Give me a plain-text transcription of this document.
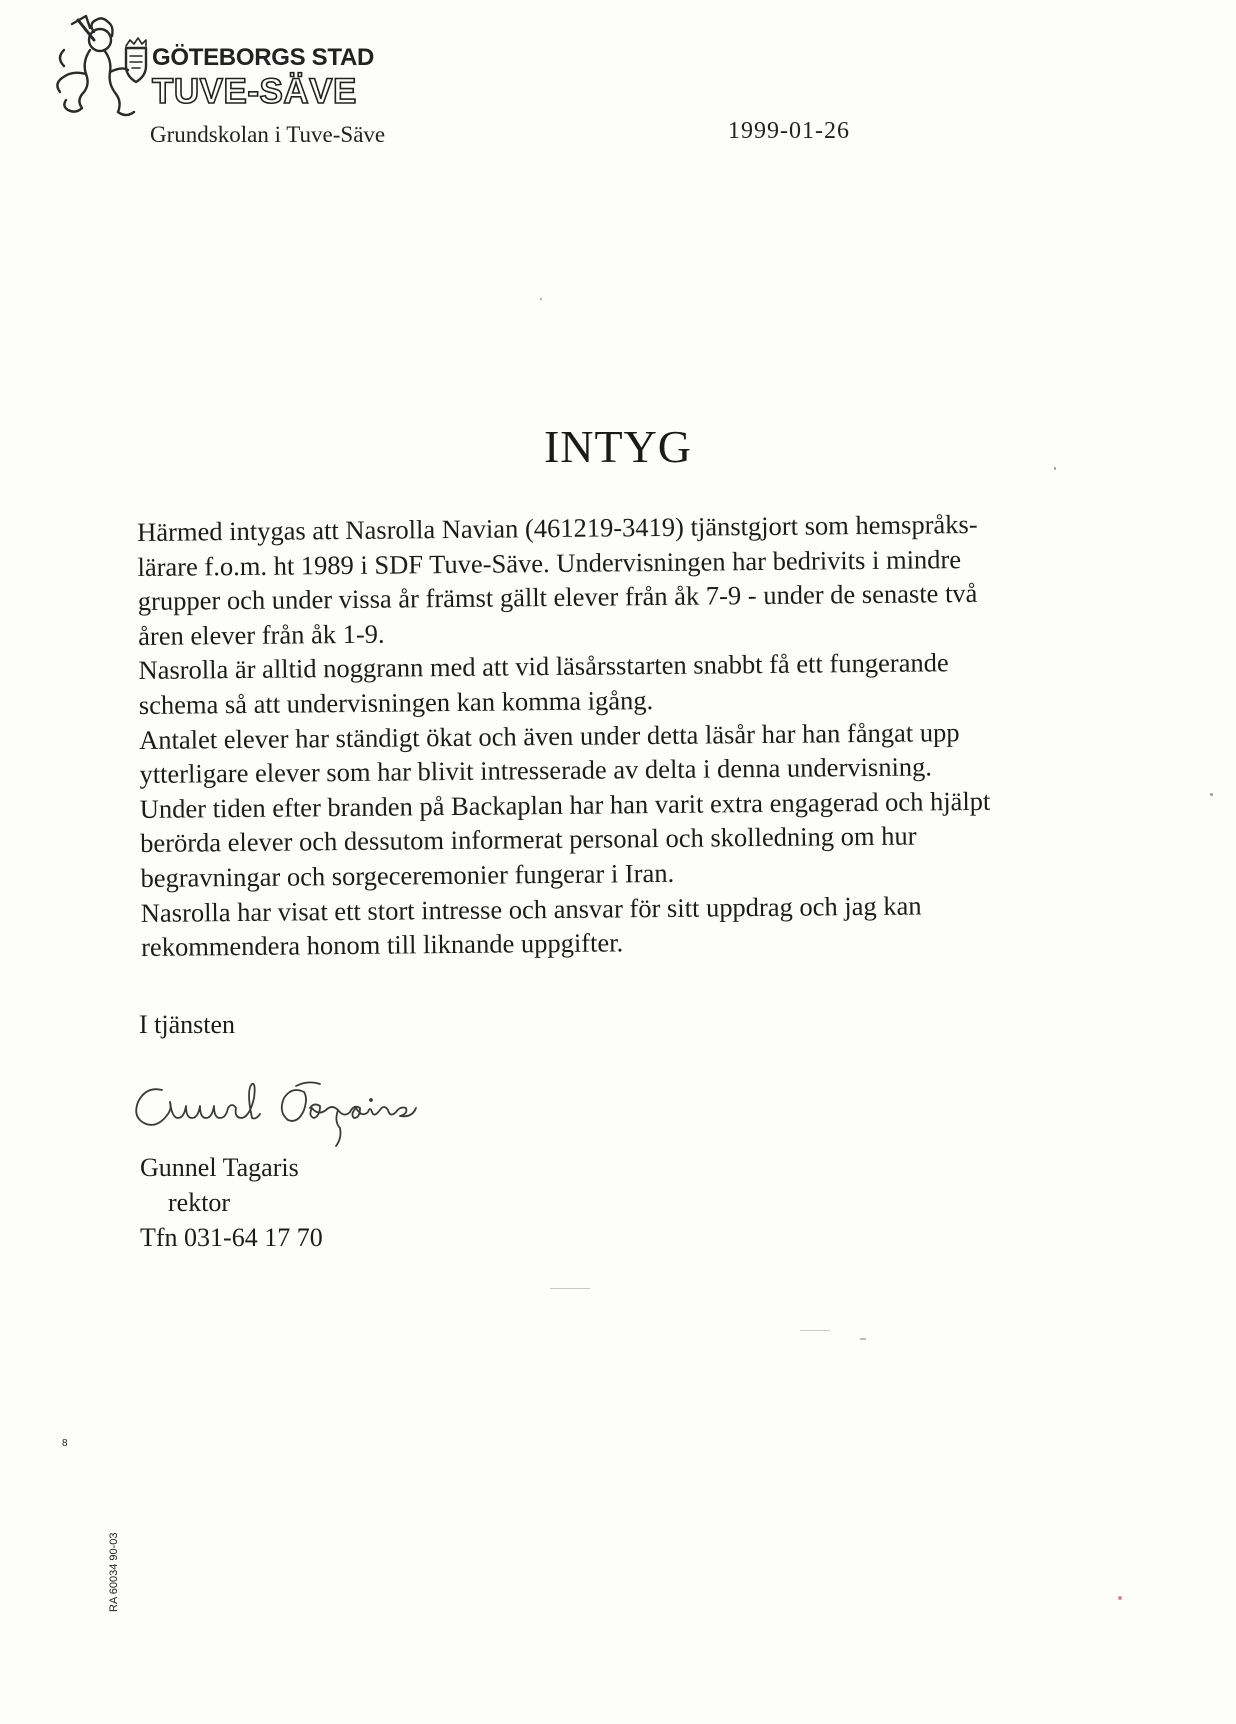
GÖTEBORGS STAD
TUVE-SÄVE
Grundskolan i Tuve-Säve	1999-01-26
INTYG
Härmed intygas att Nasrolla Navian (461219-3419) tjänstgjort som hemspråks-
lärare f.o.m. ht 1989 i SDF Tuve-Säve. Undervisningen har bedrivits i mindre
grupper och under vissa år främst gällt elever från åk 7-9 - under de senaste två
åren elever från åk 1-9.
Nasrolla är alltid noggrann med att vid läsårsstarten snabbt få ett fungerande
schema så att undervisningen kan komma igång.
Antalet elever har ständigt ökat och även under detta läsår har han fångat upp
ytterligare elever som har blivit intresserade av delta i denna undervisning.
Under tiden efter branden på Backaplan har han varit extra engagerad och hjälpt
berörda elever och dessutom informerat personal och skolledning om hur
begravningar och sorgeceremonier fungerar i Iran.
Nasrolla har visat ett stort intresse och ansvar för sitt uppdrag och jag kan
rekommendera honom till liknande uppgifter.
I tjänsten
Gunnel Tagaris
rektor
Tfn 031-64 17 70
8
RA 60034 90-03
